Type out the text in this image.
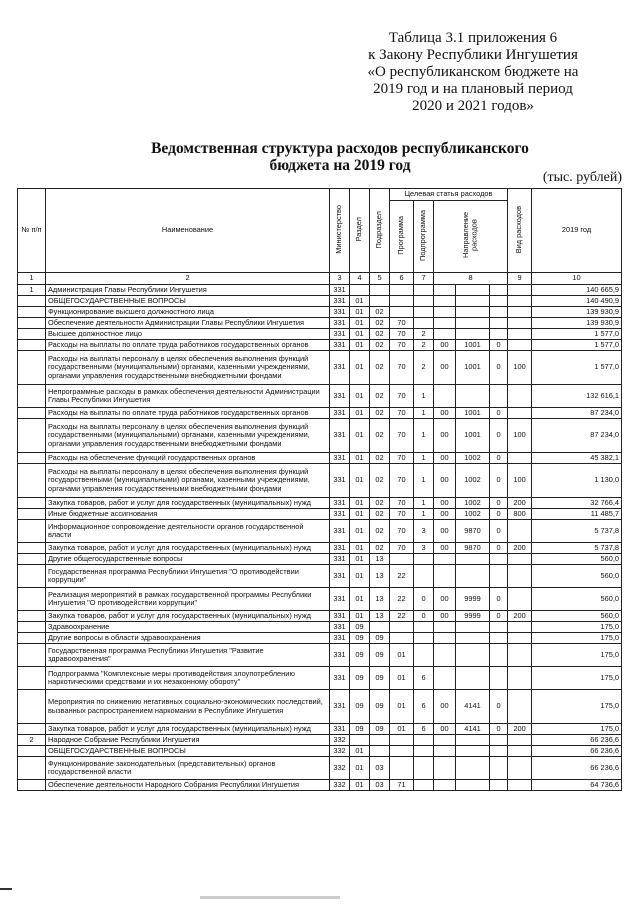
Таблица 3.1 приложения 6
к Закону Республики Ингушетия
«О республиканском бюджете на
2019 год и на плановый период
2020 и 2021 годов»
Ведомственная структура расходов республиканского
бюджета на 2019 год
(тыс. рублей)
№ п/п	Наименование	Министерство	Раздел	Подраздел	Целевая статья расходов					Вид расходов	2019 год
					Программа	Подпрограмма	Направление расходов				
1	2	3	4	5	6	7	8			9	10
1	Администрация Главы Республики Ингушетия	331									140 665,9
	ОБЩЕГОСУДАРСТВЕННЫЕ ВОПРОСЫ	331	01								140 490,9
	Функционирование высшего должностного лица	331	01	02							139 930,9
	Обеспечение деятельности Администрации Главы Республики Ингушетия	331	01	02	70						139 930,9
	Высшее должностное лицо	331	01	02	70	2					1 577,0
	Расходы на выплаты по оплате труда работников государственных органов	331	01	02	70	2	00	1001	0		1 577,0
	Расходы на выплаты персоналу в целях обеспечения выполнения функций государственными (муниципальными) органами, казенными учреждениями, органами управления государственными внебюджетными фондами	331	01	02	70	2	00	1001	0	100	1 577,0
	Непрограммные расходы в рамках обеспечения деятельности Администрации Главы Республики Ингушетия	331	01	02	70	1					132 616,1
	Расходы на выплаты по оплате труда работников государственных органов	331	01	02	70	1	00	1001	0		87 234,0
	Расходы на выплаты персоналу в целях обеспечения выполнения функций государственными (муниципальными) органами, казенными учреждениями, органами управления государственными внебюджетными фондами	331	01	02	70	1	00	1001	0	100	87 234,0
	Расходы на обеспечение функций государственных органов	331	01	02	70	1	00	1002	0		45 382,1
	Расходы на выплаты персоналу в целях обеспечения выполнения функций государственными (муниципальными) органами, казенными учреждениями, органами управления государственными внебюджетными фондами	331	01	02	70	1	00	1002	0	100	1 130,0
	Закупка товаров, работ и услуг для государственных (муниципальных) нужд	331	01	02	70	1	00	1002	0	200	32 766,4
	Иные бюджетные ассигнования	331	01	02	70	1	00	1002	0	800	11 485,7
	Информационное сопровождение деятельности органов государственной власти	331	01	02	70	3	00	9870	0		5 737,8
	Закупка товаров, работ и услуг для государственных (муниципальных) нужд	331	01	02	70	3	00	9870	0	200	5 737,8
	Другие общегосударственные вопросы	331	01	13							560,0
	Государственная программа Республики Ингушетия "О противодействии коррупции"	331	01	13	22						560,0
	Реализация мероприятий в рамках государственной программы Республики Ингушетия "О противодействии коррупции"	331	01	13	22	0	00	9999	0		560,0
	Закупка товаров, работ и услуг для государственных (муниципальных) нужд	331	01	13	22	0	00	9999	0	200	560,0
	Здравоохранение	331	09								175,0
	Другие вопросы в области здравоохранения	331	09	09							175,0
	Государственная программа Республики Ингушетия "Развитие здравоохранения"	331	09	09	01						175,0
	Подпрограмма "Комплексные меры противодействия злоупотреблению наркотическими средствами и их незаконному обороту"	331	09	09	01	6					175,0
	Мероприятия по снижению негативных социально-экономических последствий, вызванных распространением наркомании в Республике Ингушетия	331	09	09	01	6	00	4141	0		175,0
	Закупка товаров, работ и услуг для государственных (муниципальных) нужд	331	09	09	01	6	00	4141	0	200	175,0
2	Народное Собрание Республики Ингушетия	332									66 236,6
	ОБЩЕГОСУДАРСТВЕННЫЕ ВОПРОСЫ	332	01								66 236,6
	Функционирование законодательных (представительных) органов государственной власти	332	01	03							66 236,6
	Обеспечение деятельности Народного Собрания Республики Ингушетия	332	01	03	71						64 736,6
